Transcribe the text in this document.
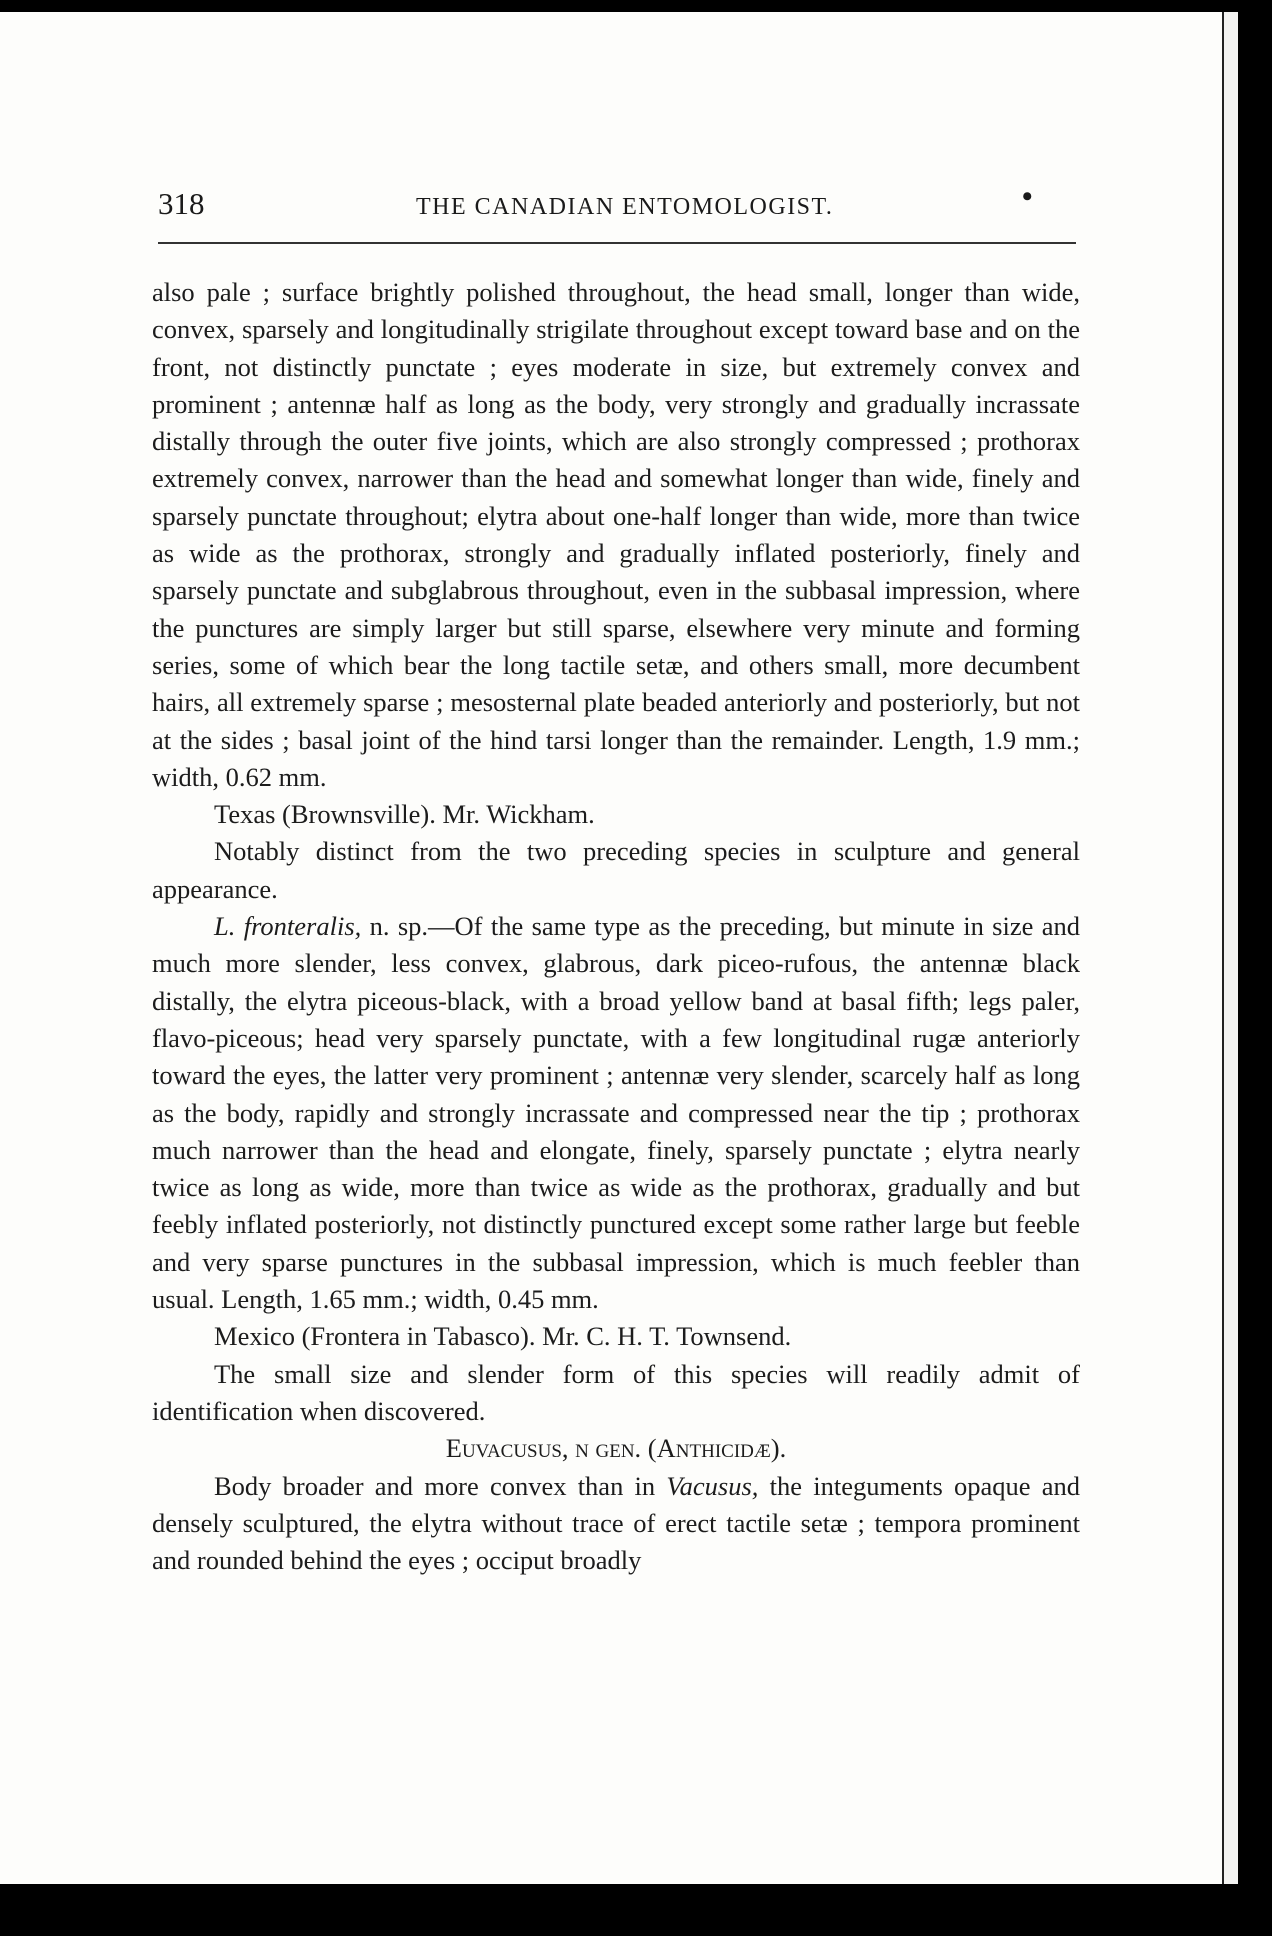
318	THE CANADIAN ENTOMOLOGIST.	•

also pale ; surface brightly polished throughout, the head small, longer than wide, convex, sparsely and longitudinally strigilate throughout except toward base and on the front, not distinctly punctate ; eyes moderate in size, but extremely convex and prominent ; antennæ half as long as the body, very strongly and gradually incrassate distally through the outer five joints, which are also strongly compressed ; prothorax extremely convex, narrower than the head and somewhat longer than wide, finely and sparsely punctate throughout; elytra about one-half longer than wide, more than twice as wide as the prothorax, strongly and gradually inflated posteriorly, finely and sparsely punctate and subglabrous throughout, even in the subbasal impression, where the punctures are simply larger but still sparse, elsewhere very minute and forming series, some of which bear the long tactile setæ, and others small, more decumbent hairs, all extremely sparse ; mesosternal plate beaded anteriorly and posteriorly, but not at the sides ; basal joint of the hind tarsi longer than the remainder. Length, 1.9 mm.; width, 0.62 mm.

Texas (Brownsville). Mr. Wickham.

Notably distinct from the two preceding species in sculpture and general appearance.

L. fronteralis, n. sp.—Of the same type as the preceding, but minute in size and much more slender, less convex, glabrous, dark piceo-rufous, the antennæ black distally, the elytra piceous-black, with a broad yellow band at basal fifth; legs paler, flavo-piceous; head very sparsely punctate, with a few longitudinal rugæ anteriorly toward the eyes, the latter very prominent ; antennæ very slender, scarcely half as long as the body, rapidly and strongly incrassate and compressed near the tip ; prothorax much narrower than the head and elongate, finely, sparsely punctate ; elytra nearly twice as long as wide, more than twice as wide as the prothorax, gradually and but feebly inflated posteriorly, not distinctly punctured except some rather large but feeble and very sparse punctures in the subbasal impression, which is much feebler than usual. Length, 1.65 mm.; width, 0.45 mm.

Mexico (Frontera in Tabasco). Mr. C. H. T. Townsend.

The small size and slender form of this species will readily admit of identification when discovered.

Euvacusus, n gen. (Anthicidæ).

Body broader and more convex than in Vacusus, the integuments opaque and densely sculptured, the elytra without trace of erect tactile setæ ; tempora prominent and rounded behind the eyes ; occiput broadly
